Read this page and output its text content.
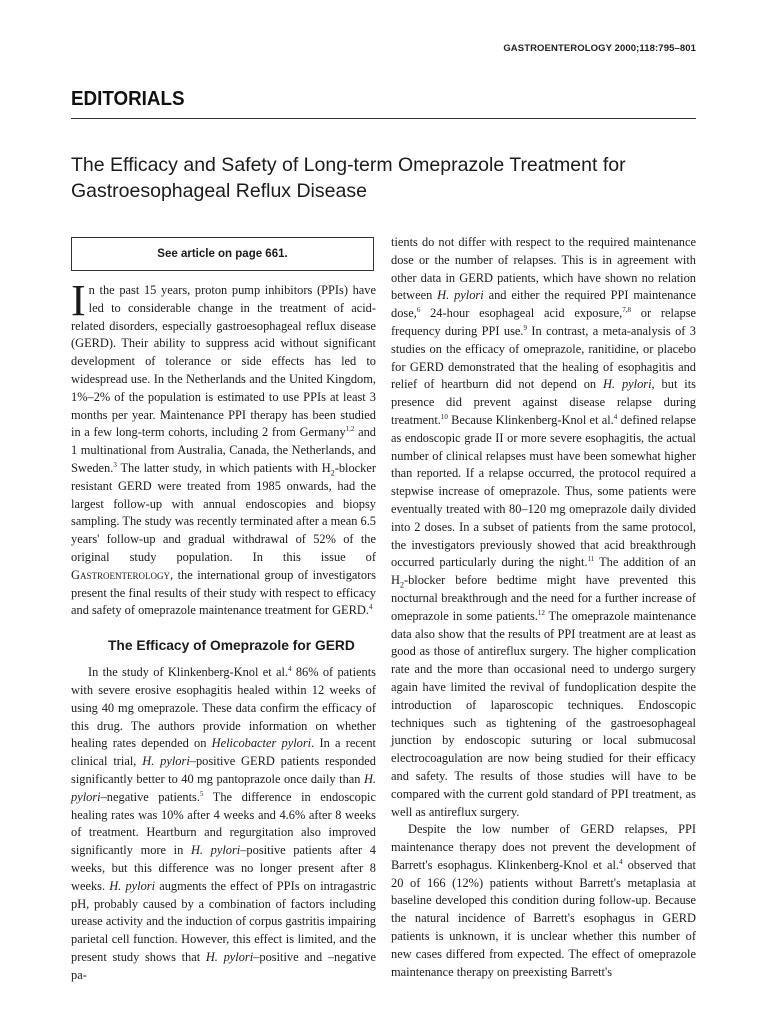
GASTROENTEROLOGY 2000;118:795–801
EDITORIALS
The Efficacy and Safety of Long-term Omeprazole Treatment for Gastroesophageal Reflux Disease
See article on page 661.

In the past 15 years, proton pump inhibitors (PPIs) have led to considerable change in the treatment of acid-related disorders, especially gastroesophageal reflux disease (GERD). Their ability to suppress acid without significant development of tolerance or side effects has led to widespread use. In the Netherlands and the United Kingdom, 1%–2% of the population is estimated to use PPIs at least 3 months per year. Maintenance PPI therapy has been studied in a few long-term cohorts, including 2 from Germany$^{1,2}$ and 1 multinational from Australia, Canada, the Netherlands, and Sweden.$^3$ The latter study, in which patients with $H_2$-blocker resistant GERD were treated from 1985 onwards, had the largest follow-up with annual endoscopies and biopsy sampling. The study was recently terminated after a mean 6.5 years' follow-up and gradual withdrawal of 52% of the original study population. In this issue of Gastroenterology, the international group of investigators present the final results of their study with respect to efficacy and safety of omeprazole maintenance treatment for GERD.$^4$

The Efficacy of Omeprazole for GERD

In the study of Klinkenberg-Knol et al.$^4$ 86% of patients with severe erosive esophagitis healed within 12 weeks of using 40 mg omeprazole. These data confirm the efficacy of this drug. The authors provide information on whether healing rates depended on Helicobacter pylori. In a recent clinical trial, H. pylori–positive GERD patients responded significantly better to 40 mg pantoprazole once daily than H. pylori–negative patients.$^5$ The difference in endoscopic healing rates was 10% after 4 weeks and 4.6% after 8 weeks of treatment. Heartburn and regurgitation also improved significantly more in H. pylori–positive patients after 4 weeks, but this difference was no longer present after 8 weeks. H. pylori augments the effect of PPIs on intragastric pH, probably caused by a combination of factors including urease activity and the induction of corpus gastritis impairing parietal cell function. However, this effect is limited, and the present study shows that H. pylori–positive and –negative pa-

tients do not differ with respect to the required maintenance dose or the number of relapses. This is in agreement with other data in GERD patients, which have shown no relation between H. pylori and either the required PPI maintenance dose,$^6$ 24-hour esophageal acid exposure,$^{7,8}$ or relapse frequency during PPI use.$^9$ In contrast, a meta-analysis of 3 studies on the efficacy of omeprazole, ranitidine, or placebo for GERD demonstrated that the healing of esophagitis and relief of heartburn did not depend on H. pylori, but its presence did prevent against disease relapse during treatment.$^{10}$ Because Klinkenberg-Knol et al.$^4$ defined relapse as endoscopic grade II or more severe esophagitis, the actual number of clinical relapses must have been somewhat higher than reported. If a relapse occurred, the protocol required a stepwise increase of omeprazole. Thus, some patients were eventually treated with 80–120 mg omeprazole daily divided into 2 doses. In a subset of patients from the same protocol, the investigators previously showed that acid breakthrough occurred particularly during the night.$^{11}$ The addition of an $H_2$-blocker before bedtime might have prevented this nocturnal breakthrough and the need for a further increase of omeprazole in some patients.$^{12}$ The omeprazole maintenance data also show that the results of PPI treatment are at least as good as those of antireflux surgery. The higher complication rate and the more than occasional need to undergo surgery again have limited the revival of fundoplication despite the introduction of laparoscopic techniques. Endoscopic techniques such as tightening of the gastroesophageal junction by endoscopic suturing or local submucosal electrocoagulation are now being studied for their efficacy and safety. The results of those studies will have to be compared with the current gold standard of PPI treatment, as well as antireflux surgery.

Despite the low number of GERD relapses, PPI maintenance therapy does not prevent the development of Barrett's esophagus. Klinkenberg-Knol et al.$^4$ observed that 20 of 166 (12%) patients without Barrett's metaplasia at baseline developed this condition during follow-up. Because the natural incidence of Barrett's esophagus in GERD patients is unknown, it is unclear whether this number of new cases differed from expected. The effect of omeprazole maintenance therapy on preexisting Barrett's
